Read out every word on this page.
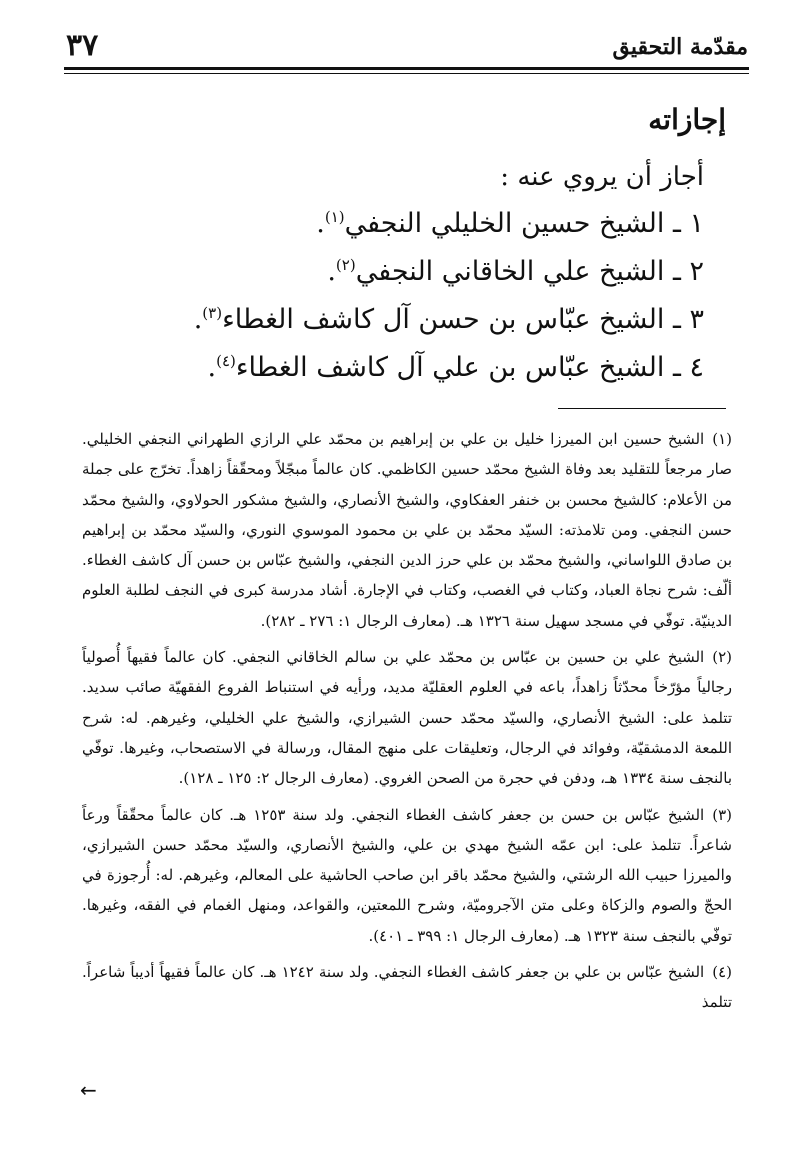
مقدّمة التحقيق
٣٧
إجازاته
أجاز أن يروي عنه :
١ ـ الشيخ حسين الخليلي النجفي$^{(١)}$.
٢ ـ الشيخ علي الخاقاني النجفي$^{(٢)}$.
٣ ـ الشيخ عبّاس بن حسن آل كاشف الغطاء$^{(٣)}$.
٤ ـ الشيخ عبّاس بن علي آل كاشف الغطاء$^{(٤)}$.

(١)الشيخ حسين ابن الميرزا خليل بن علي بن إبراهيم بن محمّد علي الرازي الطهراني النجفي الخليلي. صار مرجعاً للتقليد بعد وفاة الشيخ محمّد حسين الكاظمي. كان عالماً مبجّلاً ومحقّقاً زاهداً. تخرّج على جملة من الأعلام: كالشيخ محسن بن خنفر العفكاوي، والشيخ الأنصاري، والشيخ مشكور الحولاوي، والشيخ محمّد حسن النجفي. ومن تلامذته: السيّد محمّد بن علي بن محمود الموسوي النوري، والسيّد محمّد بن إبراهيم بن صادق اللواساني، والشيخ محمّد بن علي حرز الدين النجفي، والشيخ عبّاس بن حسن آل كاشف الغطاء. ألّف: شرح نجاة العباد، وكتاب في الغصب، وكتاب في الإجارة. أشاد مدرسة كبرى في النجف لطلبة العلوم الدينيّة. توفّي في مسجد سهيل سنة ١٣٢٦ هـ. (معارف الرجال ١: ٢٧٦ ـ ٢٨٢).

(٢)الشيخ علي بن حسين بن عبّاس بن محمّد علي بن سالم الخاقاني النجفي. كان عالماً فقيهاً أُصولياً رجالياً مؤرّخاً محدّثاً زاهداً، باعه في العلوم العقليّة مديد، ورأيه في استنباط الفروع الفقهيّة صائب سديد. تتلمذ على: الشيخ الأنصاري، والسيّد محمّد حسن الشيرازي، والشيخ علي الخليلي، وغيرهم. له: شرح اللمعة الدمشقيّة، وفوائد في الرجال، وتعليقات على منهج المقال، ورسالة في الاستصحاب، وغيرها. توفّي بالنجف سنة ١٣٣٤ هـ، ودفن في حجرة من الصحن الغروي. (معارف الرجال ٢: ١٢٥ ـ ١٢٨).

(٣)الشيخ عبّاس بن حسن بن جعفر كاشف الغطاء النجفي. ولد سنة ١٢٥٣ هـ. كان عالماً محقّقاً ورعاً شاعراً. تتلمذ على: ابن عمّه الشيخ مهدي بن علي، والشيخ الأنصاري، والسيّد محمّد حسن الشيرازي، والميرزا حبيب الله الرشتي، والشيخ محمّد باقر ابن صاحب الحاشية على المعالم، وغيرهم. له: أُرجوزة في الحجّ والصوم والزكاة وعلى متن الآجروميّة، وشرح اللمعتين، والقواعد، ومنهل الغمام في الفقه، وغيرها. توفّي بالنجف سنة ١٣٢٣ هـ. (معارف الرجال ١: ٣٩٩ ـ ٤٠١).

(٤)الشيخ عبّاس بن علي بن جعفر كاشف الغطاء النجفي. ولد سنة ١٢٤٢ هـ. كان عالماً فقيهاً أديباً شاعراً. تتلمذ

←
